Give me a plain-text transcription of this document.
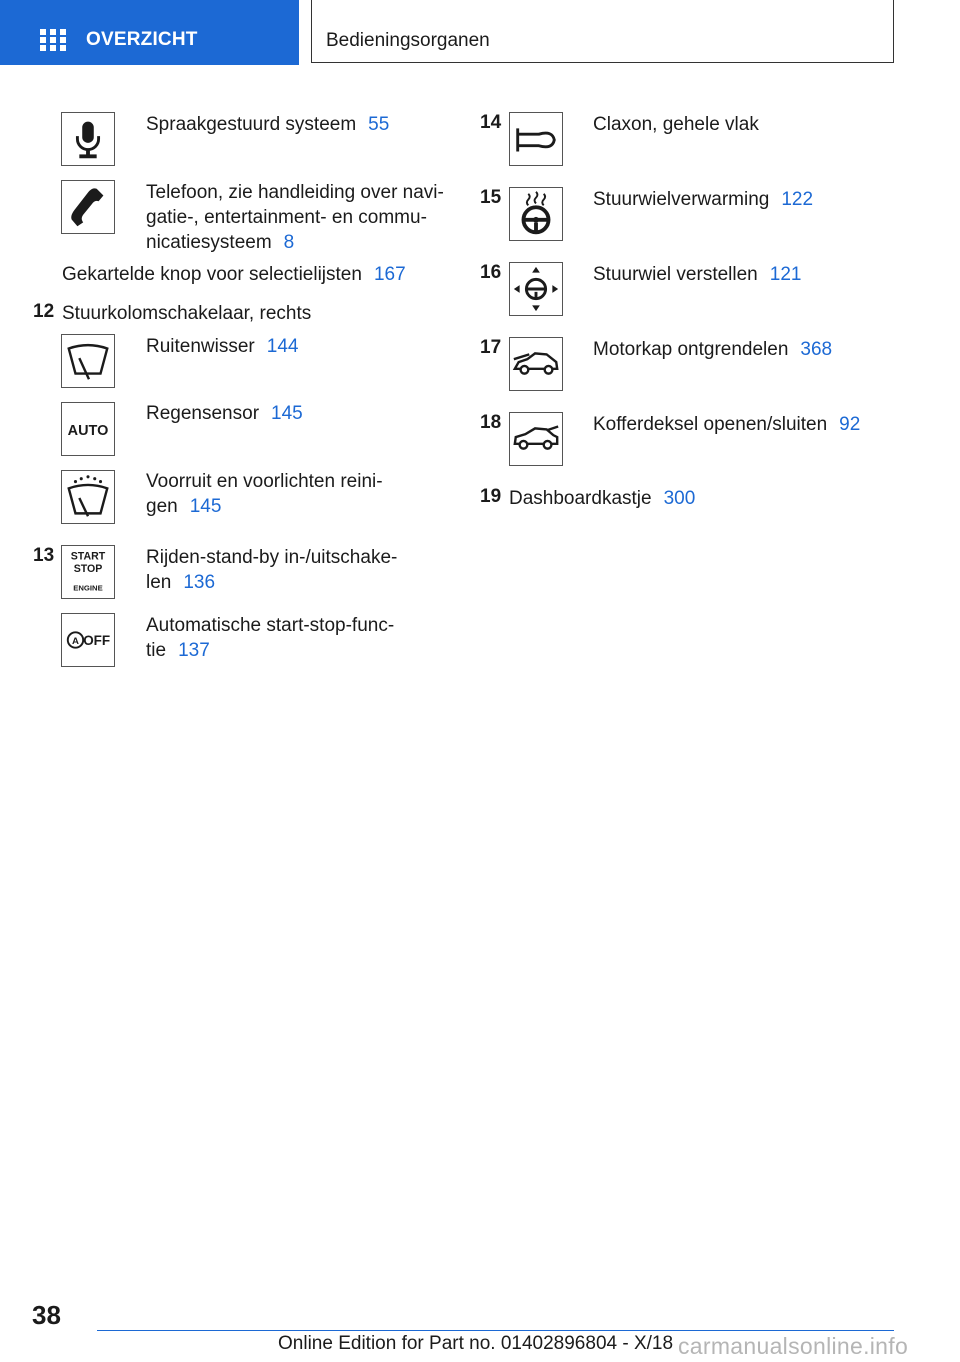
OVERZICHT	Bedieningsorganen
Spraakgestuurd systeem 55
Telefoon, zie handleiding over navi-
gatie-, entertainment- en commu-
nicatiesysteem 8
Gekartelde knop voor selectielijsten 167
12 Stuurkolomschakelaar, rechts
Ruitenwisser 144
AUTO
Regensensor 145
Voorruit en voorlichten reini-
gen 145
13 START
STOP
ENGINE
Rijden-stand-by in-/uitschake-
len 136
A OFF
Automatische start-stop-func-
tie 137
14	Claxon, gehele vlak
15	Stuurwielverwarming 122
16	Stuurwiel verstellen 121
17	Motorkap ontgrendelen 368
18	Kofferdeksel openen/sluiten 92
19 Dashboardkastje 300
38
Online Edition for Part no. 01402896804 - X/18 carmanualsonline.info
